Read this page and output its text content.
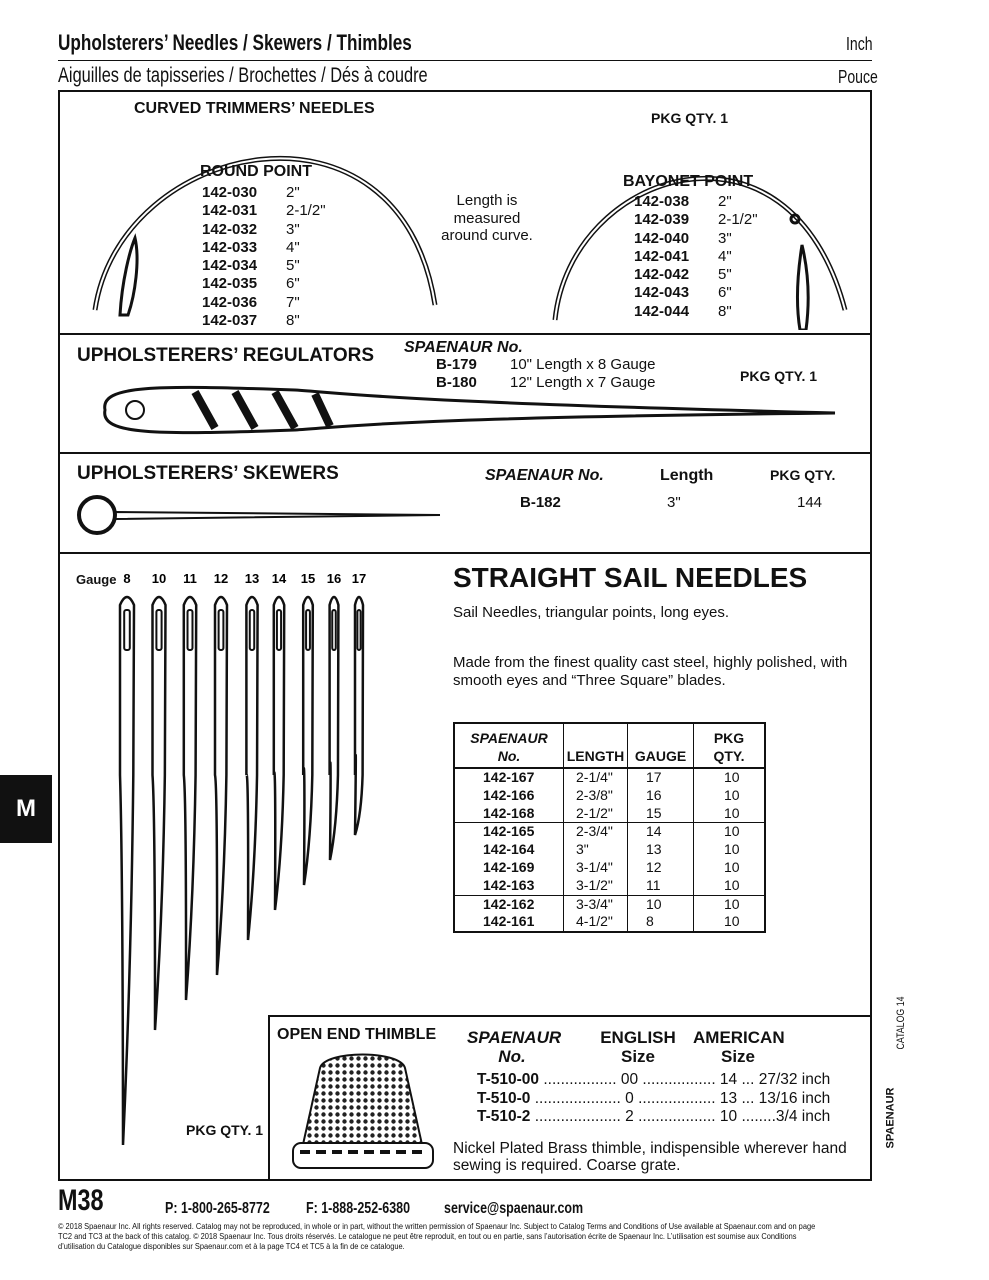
Upholsterers’ Needles / Skewers / Thimbles	Inch
Aiguilles de tapisseries / Brochettes / Dés à coudre	Pouce
CURVED TRIMMERS’ NEEDLES
PKG QTY. 1
ROUND POINT
142-030	2"
142-031	2-1/2"
142-032	3"
142-033	4"
142-034	5"
142-035	6"
142-036	7"
142-037	8"
Length is
measured
around curve.
BAYONET POINT
142-038	2"
142-039	2-1/2"
142-040	3"
142-041	4"
142-042	5"
142-043	6"
142-044	8"
UPHOLSTERERS’ REGULATORS SPAENAUR No.
B-179	10" Length x 8 Gauge
B-180	12" Length x 7 Gauge	PKG QTY. 1
UPHOLSTERERS’ SKEWERS	SPAENAUR No.	Length	PKG QTY.
B-182	3"	144
Gauge 8 10 11 12 13 14 15 16 17	STRAIGHT SAIL NEEDLES
Sail Needles, triangular points, long eyes.
Made from the finest quality cast steel, highly polished, with smooth eyes and “Three Square” blades.
SPAENAUR
No.	LENGTH GAUGE
PKG
QTY.
142-167	2-1/4"	17	10
142-166	2-3/8"	16	10
142-168	2-1/2"	15	10
142-165	2-3/4"	14	10
142-164	3"	13	10
142-169	3-1/4"	12	10
142-163	3-1/2"	11	10
142-162	3-3/4"	10	10
142-161	4-1/2"	8	10
OPEN END THIMBLE
PKG QTY. 1
SPAENAUR
No.
ENGLISH
Size
AMERICAN
Size
T-510-00 ................. 00 ................. 14 ... 27/32 inch
T-510-0 .................... 0 .................. 13 ... 13/16 inch
T-510-2 .................... 2 .................. 10 ........3/4 inch
Nickel Plated Brass thimble, indispensible wherever hand sewing is required. Coarse grate.
M
CATALOG 14
SPAENAUR
M38	P: 1-800-265-8772 F: 1-888-252-6380 service@spaenaur.com
© 2018 Spaenaur Inc. All rights reserved. Catalog may not be reproduced, in whole or in part, without the written permission of Spaenaur Inc. Subject to Catalog Terms and Conditions of Use available at Spaenaur.com and on page TC2 and TC3 at the back of this catalog. © 2018 Spaenaur Inc. Tous droits réservés. Le catalogue ne peut être reproduit, en tout ou en partie, sans l’autorisation écrite de Spaenaur Inc. L’utilisation est soumise aux Conditions d’utilisation du Catalogue disponibles sur Spaenaur.com et à la page TC4 et TC5 à la fin de ce catalogue.
